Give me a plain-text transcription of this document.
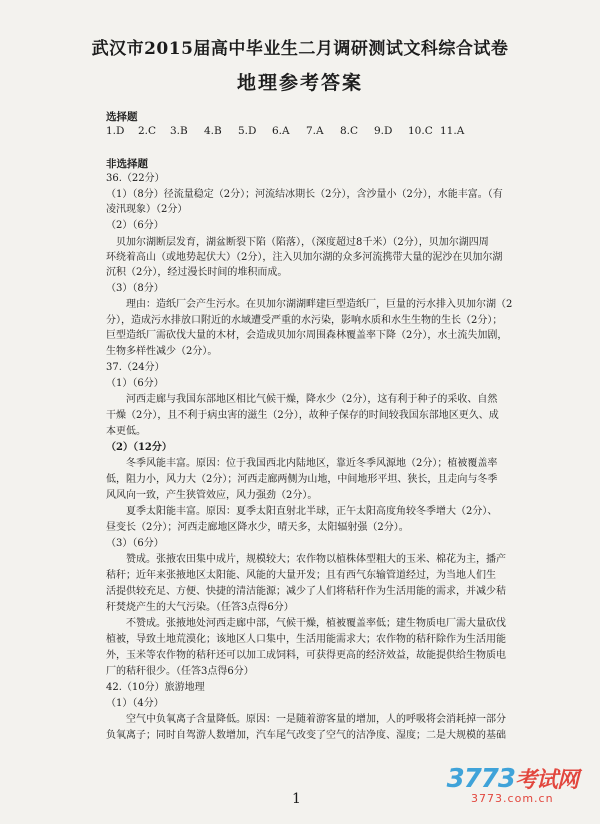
武汉市2015届高中毕业生二月调研测试文科综合试卷
地理参考答案
选择题
1.D	2.C	3.B	4.B	5.D	6.A	7.A	8.C	9.D	10.C 11.A
非选择题
36.（22分）
（1）（8分）径流量稳定（2分）；河流结冰期长（2分），含沙量小（2分），水能丰富。（有
凌汛现象）（2分）
（2）（6分）
贝加尔湖断层发育，湖盆断裂下陷（陷落），（深度超过8千米）（2分），贝加尔湖四周
环绕着高山（或地势起伏大）（2分），注入贝加尔湖的众多河流携带大量的泥沙在贝加尔湖
沉积（2分），经过漫长时间的堆积而成。
（3）（8分）
理由：造纸厂会产生污水。在贝加尔湖湖畔建巨型造纸厂，巨量的污水排入贝加尔湖（2
分），造成污水排放口附近的水域遭受严重的水污染，影响水质和水生生物的生长（2分）；
巨型造纸厂需砍伐大量的木材，会造成贝加尔周围森林覆盖率下降（2分），水土流失加剧，
生物多样性减少（2分）。
37.（24分）
（1）（6分）
河西走廊与我国东部地区相比气候干燥，降水少（2分），这有利于种子的采收、自然
干燥（2分），且不利于病虫害的滋生（2分），故种子保存的时间较我国东部地区更久、成
本更低。
（2）（12分）
冬季风能丰富。原因：位于我国西北内陆地区，靠近冬季风源地（2分）；植被覆盖率
低，阻力小，风力大（2分）；河西走廊两侧为山地，中间地形平坦、狭长，且走向与冬季
风风向一致，产生狭管效应，风力强劲（2分）。
夏季太阳能丰富。原因：夏季太阳直射北半球，正午太阳高度角较冬季增大（2分）、
昼变长（2分）；河西走廊地区降水少，晴天多，太阳辐射强（2分）。
（3）（6分）
赞成。张掖农田集中成片，规模较大；农作物以植株体型粗大的玉米、棉花为主，播产
秸秆；近年来张掖地区太阳能、风能的大量开发；且有西气东输管道经过，为当地人们生
活提供较充足、方便、快捷的清洁能源；减少了人们将秸秆作为生活用能的需求，并减少秸
秆焚烧产生的大气污染。（任答3点得6分）
不赞成。张掖地处河西走廊中部，气候干燥，植被覆盖率低；建生物质电厂需大量砍伐
植被，导致土地荒漠化；该地区人口集中，生活用能需求大；农作物的秸秆除作为生活用能
外，玉米等农作物的秸秆还可以加工成饲料，可获得更高的经济效益，故能提供给生物质电
厂的秸秆很少。（任答3点得6分）
42.（10分）旅游地理
（1）（4分）
空气中负氧离子含量降低。原因：一是随着游客量的增加，人的呼吸将会消耗掉一部分
负氧离子；同时自驾游人数增加，汽车尾气改变了空气的洁净度、湿度；二是大规模的基础
1
3773考试网
3773.com.cn
